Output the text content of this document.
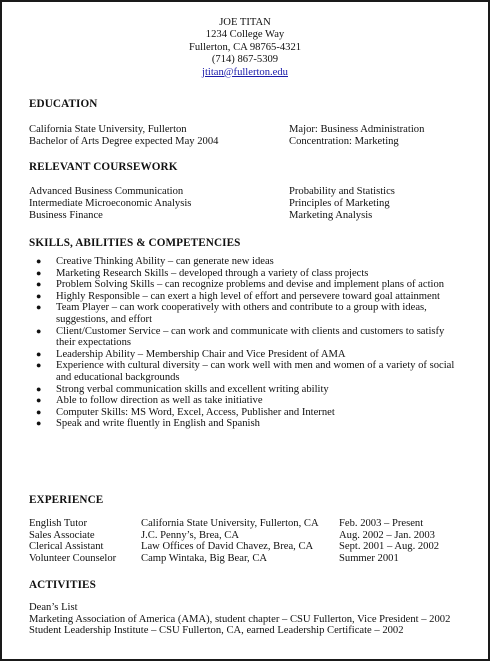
JOE TITAN
1234 College Way
Fullerton, CA 98765-4321
(714) 867-5309
jtitan@fullerton.edu
EDUCATION
California State University, Fullerton	Major: Business Administration
Bachelor of Arts Degree expected May 2004	Concentration: Marketing
RELEVANT COURSEWORK
Advanced Business Communication	Probability and Statistics
Intermediate Microeconomic Analysis	Principles of Marketing
Business Finance	Marketing Analysis
SKILLS, ABILITIES & COMPETENCIES
● Creative Thinking Ability – can generate new ideas
● Marketing Research Skills – developed through a variety of class projects
● Problem Solving Skills – can recognize problems and devise and implement plans of action
● Highly Responsible – can exert a high level of effort and persevere toward goal attainment
● Team Player – can work cooperatively with others and contribute to a group with ideas, suggestions, and effort
● Client/Customer Service – can work and communicate with clients and customers to satisfy their expectations
● Leadership Ability – Membership Chair and Vice President of AMA
● Experience with cultural diversity – can work well with men and women of a variety of social and educational backgrounds
● Strong verbal communication skills and excellent writing ability
● Able to follow direction as well as take initiative
● Computer Skills: MS Word, Excel, Access, Publisher and Internet
● Speak and write fluently in English and Spanish
EXPERIENCE
English Tutor	California State University, Fullerton, CA	Feb. 2003 – Present
Sales Associate	J.C. Penny’s, Brea, CA	Aug. 2002 – Jan. 2003
Clerical Assistant	Law Offices of David Chavez, Brea, CA	Sept. 2001 – Aug. 2002
Volunteer Counselor	Camp Wintaka, Big Bear, CA	Summer 2001
ACTIVITIES
Dean’s List
Marketing Association of America (AMA), student chapter – CSU Fullerton, Vice President – 2002
Student Leadership Institute – CSU Fullerton, CA, earned Leadership Certificate – 2002
